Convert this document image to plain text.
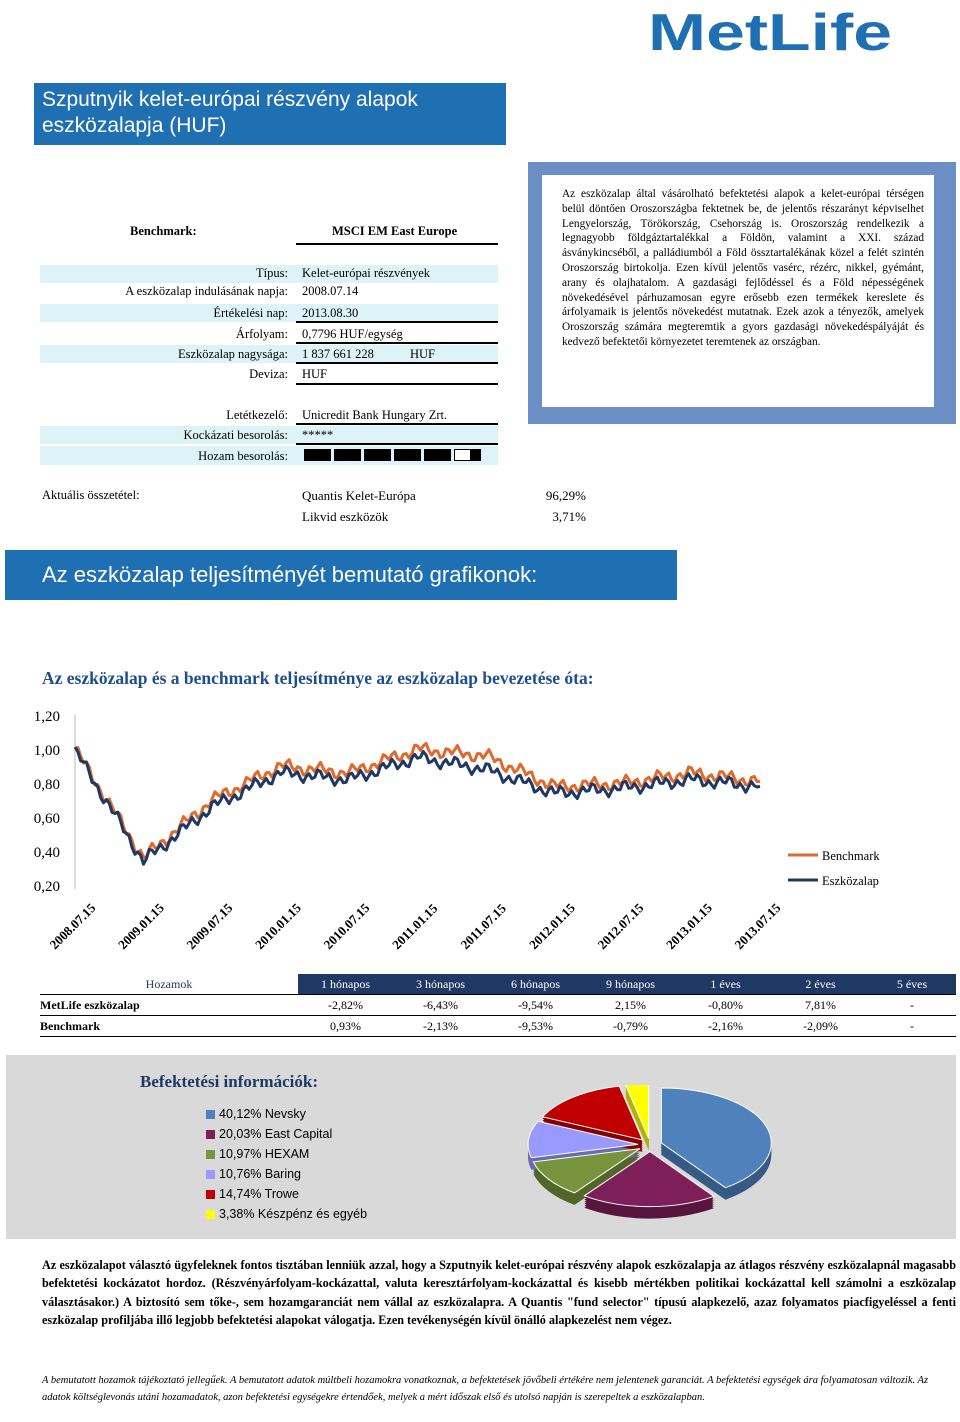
MetLife
Szputnyik kelet-európai részvény alapok eszközalapja (HUF)
Az eszközalap által vásárolható befektetési alapok a kelet-európai térségen belül döntően Oroszországba fektetnek be, de jelentős részarányt képviselhet Lengyelország, Törökország, Csehország is. Oroszország rendelkezik a legnagyobb földgáztartalékkal a Földön, valamint a XXI. század ásványkincséből, a palládiumból a Föld össztartalékának közel a felét szintén Oroszország birtokolja. Ezen kívül jelentős vasérc, rézérc, nikkel, gyémánt, arany és olajhatalom. A gazdasági fejlődéssel és a Föld népességének növekedésével párhuzamosan egyre erősebb ezen termékek kereslete és árfolyamaik is jelentős növekedést mutatnak. Ezek azok a tényezők, amelyek Oroszország számára megteremtik a gyors gazdasági növekedéspályáját és kedvező befektetői környezetet teremtenek az országban.
Benchmark:	MSCI EM East Europe
Típus: Kelet-európai részvények
A eszközalap indulásának napja: 2008.07.14
Értékelési nap: 2013.08.30
Árfolyam: 0,7796 HUF/egység
Eszközalap nagysága: 1 837 661 228	HUF
Deviza: HUF
Letétkezelő: Unicredit Bank Hungary Zrt.
Kockázati besorolás: *****
Hozam besorolás:
Aktuális összetétel:	Quantis Kelet-Európa	96,29%
Likvid eszközök	3,71%
Az eszközalap teljesítményét bemutató grafikonok:
Az eszközalap és a benchmark teljesítménye az eszközalap bevezetése óta:
1,20
1,00
0,80
0,60
0,40
0,20
2008.07.15 2009.01.15 2009.07.15 2010.01.15 2010.07.15 2011.01.15 2011.07.15 2012.01.15 2012.07.15 2013.01.15 2013.07.15
Benchmark
Eszközalap
Hozamok	1 hónapos	3 hónapos	6 hónapos	9 hónapos	1 éves	2 éves	5 éves
MetLife eszközalap	-2,82%	-6,43%	-9,54%	2,15%	-0,80%	7,81%	-
Benchmark	0,93%	-2,13%	-9,53%	-0,79%	-2,16%	-2,09%	-
Befektetési információk:
40,12% Nevsky
20,03% East Capital
10,97% HEXAM
10,76% Baring
14,74% Trowe
3,38% Készpénz és egyéb
Az eszközalapot választó ügyfeleknek fontos tisztában lenniük azzal, hogy a Szputnyik kelet-európai részvény alapok eszközalapja az átlagos részvény eszközalapnál magasabb befektetési kockázatot hordoz. (Részvényárfolyam-kockázattal, valuta keresztárfolyam-kockázattal és kisebb mértékben politikai kockázattal kell számolni a eszközalap választásakor.) A biztosító sem tőke-, sem hozamgaranciát nem vállal az eszközalapra. A Quantis "fund selector" típusú alapkezelő, azaz folyamatos piacfigyeléssel a fenti eszközalap profiljába illő legjobb befektetési alapokat válogatja. Ezen tevékenységén kívül önálló alapkezelést nem végez.
A bemutatott hozamok tájékoztató jellegűek. A bemutatott adatok múltbeli hozamokra vonatkoznak, a befektetések jövőbeli értékére nem jelentenek garanciát. A befektetési egységek ára folyamatosan változik. Az adatok költséglevonás utáni hozamadatok, azon befektetési egységekre értendőek, melyek a mért időszak első és utolsó napján is szerepeltek a eszközalapban.
